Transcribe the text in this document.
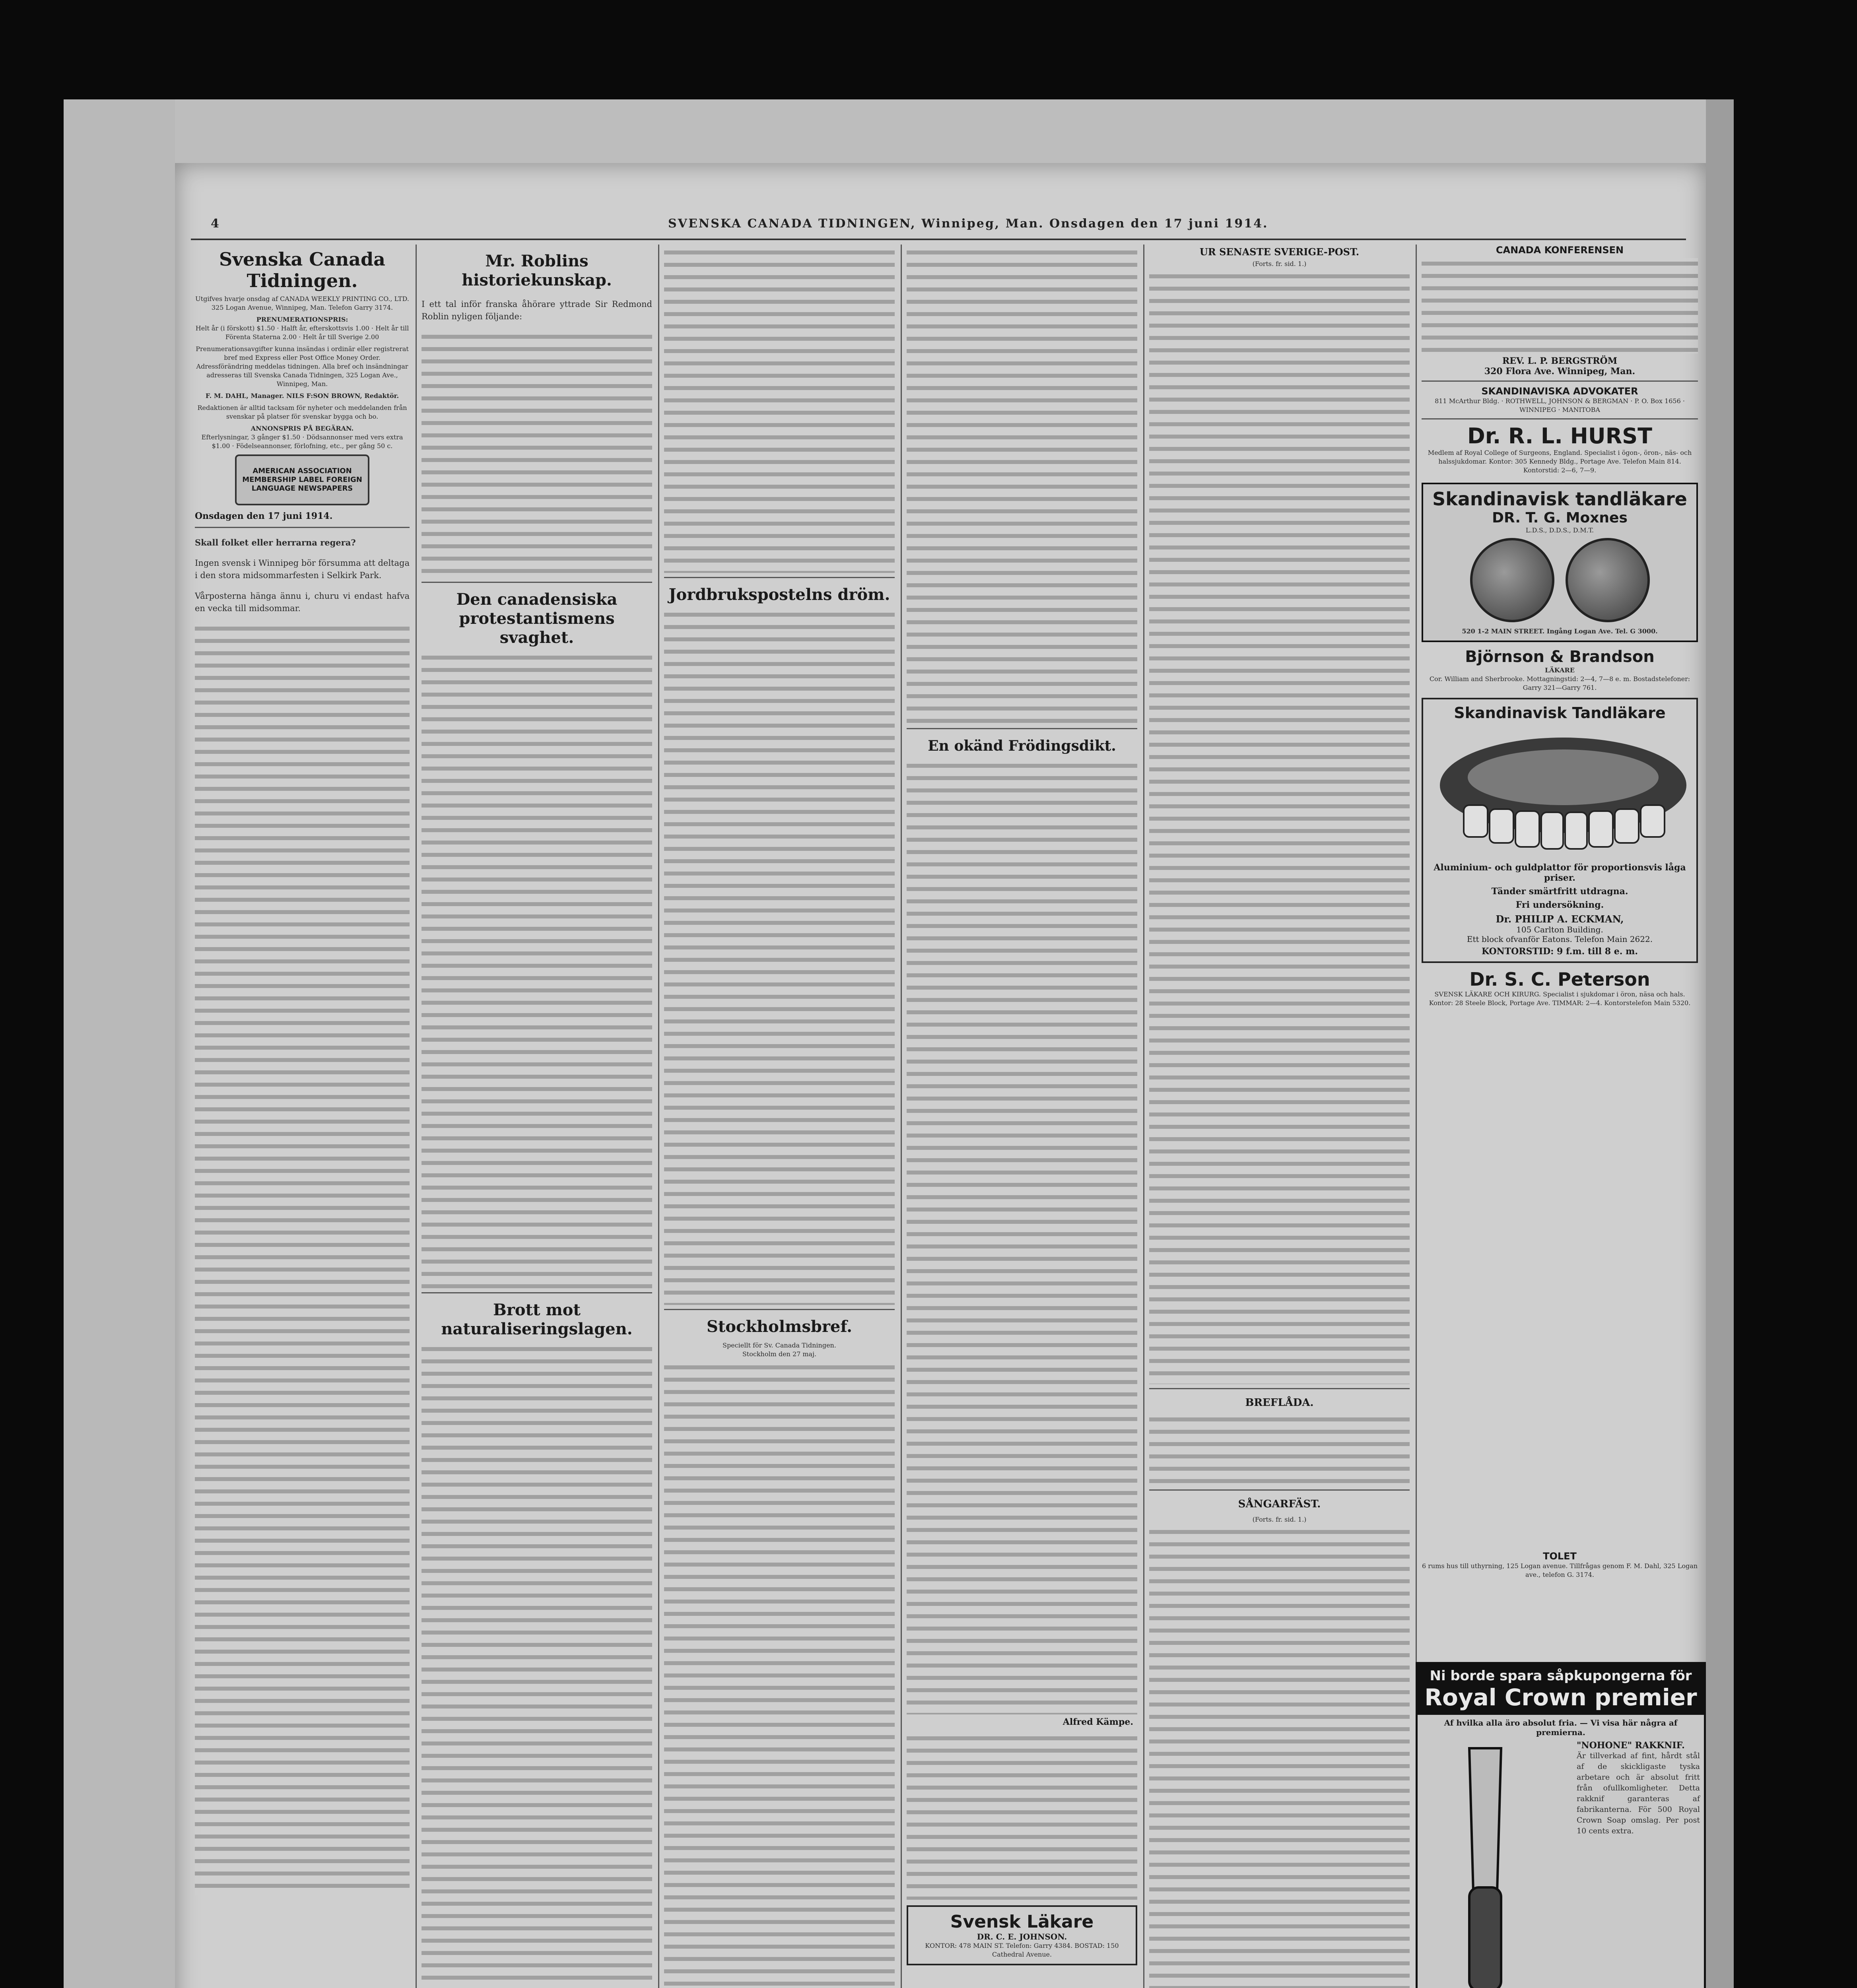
4	SVENSKA CANADA TIDNINGEN, Winnipeg, Man. Onsdagen den 17 juni 1914.
Svenska Canada Tidningen.
Utgifves hvarje onsdag af CANADA WEEKLY PRINTING CO., LTD. 325 Logan Avenue, Winnipeg, Man. Telefon Garry 3174.
PRENUMERATIONSPRIS:
Helt år (i förskott) $1.50 · Halft år, efterskottsvis 1.00 · Helt år till Förenta Staterna 2.00 · Helt år till Sverige 2.00
Prenumerationsavgifter kunna insändas i ordinär eller registrerat bref med Express eller Post Office Money Order. Adressförändring meddelas tidningen. Alla bref och insändningar adresseras till Svenska Canada Tidningen, 325 Logan Ave., Winnipeg, Man.
F. M. DAHL, Manager. NILS F:SON BROWN, Redaktör.
Redaktionen är alltid tacksam för nyheter och meddelanden från svenskar på platser för svenskar bygga och bo.
ANNONSPRIS PÅ BEGÄRAN.
Efterlysningar, 3 gånger $1.50 · Dödsannonser med vers extra $1.00 · Födelseannonser, förlofning, etc., per gång 50 c.
AMERICAN ASSOCIATION MEMBERSHIP LABEL FOREIGN LANGUAGE NEWSPAPERS
Onsdagen den 17 juni 1914.

Skall folket eller herrarna regera?

Ingen svensk i Winnipeg bör försumma att deltaga i den stora midsommarfesten i Selkirk Park.

Vårposterna hänga ännu i, churu vi endast hafva en vecka till midsommar.

Mr. Roblins historiekunskap.

I ett tal inför franska åhörare yttrade Sir Redmond Roblin nyligen följande:

Den canadensiska protestantismens svaghet.
Brott mot naturaliseringslagen.
Jordbrukspostelns dröm.
Stockholmsbref.
Speciellt för Sv. Canada Tidningen.
Stockholm den 27 maj.
En okänd Frödingsdikt.
Alfred Kämpe.
Svensk Läkare
DR. C. E. JOHNSON.
KONTOR: 478 MAIN ST. Telefon: Garry 4384. BOSTAD: 150 Cathedral Avenue.
UR SENASTE SVERIGE-POST.
(Forts. fr. sid. 1.)
BREFLÅDA.
SÅNGARFÄST.
(Forts. fr. sid. 1.)
CANADA KONFERENSEN
REV. L. P. BERGSTRÖM
320 Flora Ave. Winnipeg, Man.
SKANDINAVISKA ADVOKATER
811 McArthur Bldg. · ROTHWELL, JOHNSON & BERGMAN · P. O. Box 1656 · WINNIPEG · MANITOBA
Dr. R. L. HURST
Medlem af Royal College of Surgeons, England. Specialist i ögon-, öron-, näs- och halssjukdomar. Kontor: 305 Kennedy Bldg., Portage Ave. Telefon Main 814. Kontorstid: 2—6, 7—9.
Skandinavisk tandläkare
DR. T. G. Moxnes
L.D.S., D.D.S., D.M.T.
520 1-2 MAIN STREET. Ingång Logan Ave. Tel. G 3000.
Björnson & Brandson
LÄKARE
Cor. William and Sherbrooke. Mottagningstid: 2—4, 7—8 e. m. Bostadstelefoner: Garry 321—Garry 761.
Skandinavisk Tandläkare
Aluminium- och guldplattor för proportionsvis låga priser.
Tänder smärtfritt utdragna.
Fri undersökning.
Dr. PHILIP A. ECKMAN,
105 Carlton Building.
Ett block ofvanför Eatons. Telefon Main 2622.
KONTORSTID: 9 f.m. till 8 e. m.
Dr. S. C. Peterson
SVENSK LÄKARE OCH KIRURG. Specialist i sjukdomar i öron, näsa och hals. Kontor: 28 Steele Block, Portage Ave. TIMMAR: 2—4. Kontorstelefon Main 5320.
TOLET
6 rums hus till uthyrning, 125 Logan avenue. Tillfrågas genom F. M. Dahl, 325 Logan ave., telefon G. 3174.
Ni borde spara såpkupongerna för
Royal Crown premier
Af hvilka alla äro absolut fria. — Vi visa här några af premierna.
"NOHONE" RAKKNIF.
Är tillverkad af fint, hårdt stål af de skickligaste tyska arbetare och är absolut fritt från ofullkomligheter. Detta rakknif garanteras af fabrikanterna. För 500 Royal Crown Soap omslag. Per post 10 cents extra.
